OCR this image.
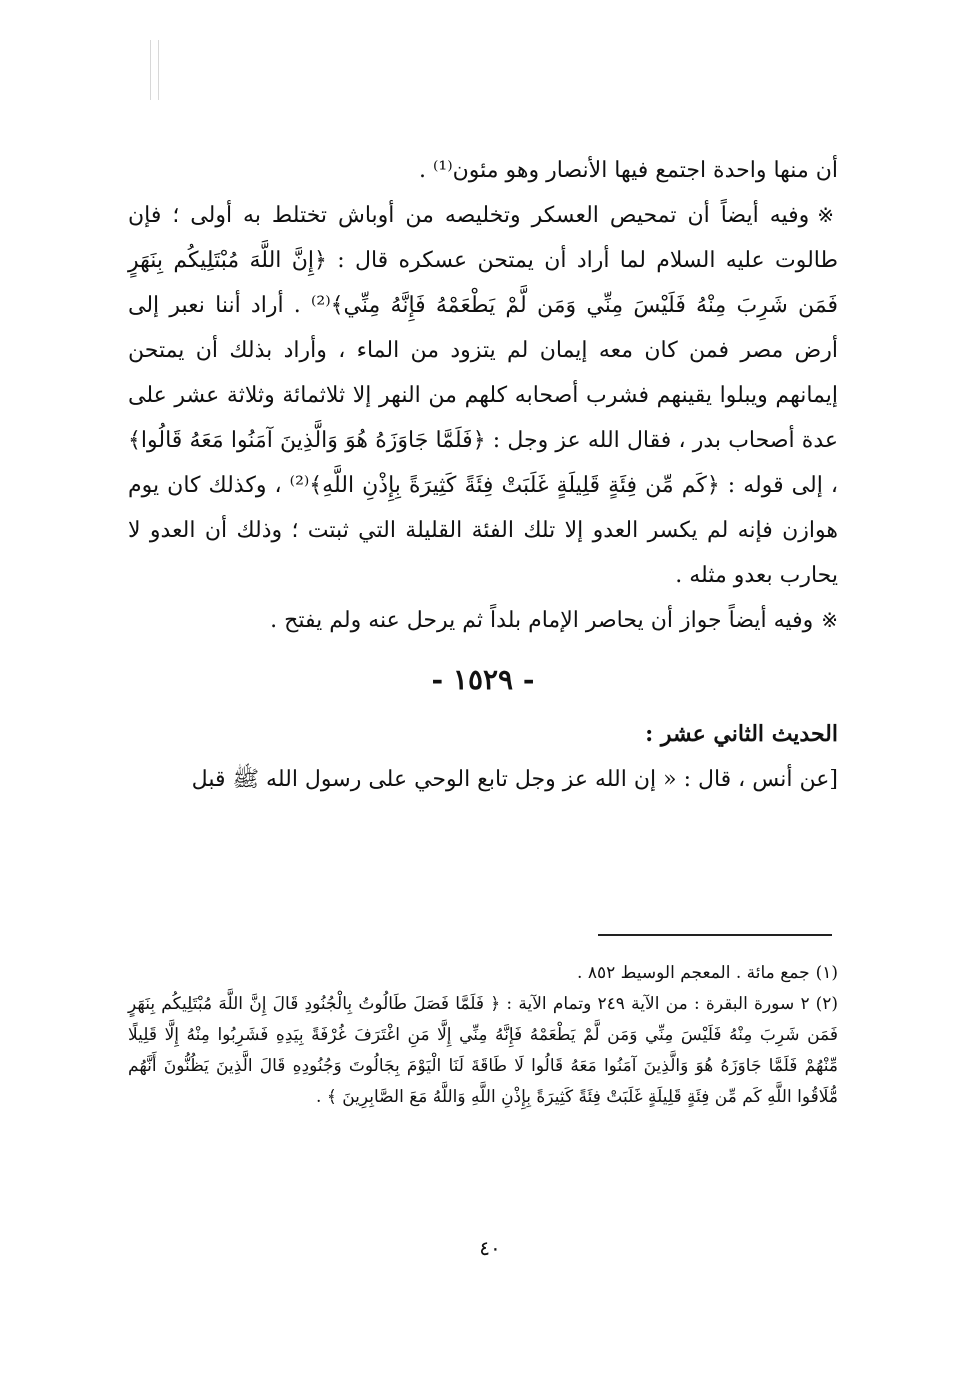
أن منها واحدة اجتمع فيها الأنصار وهو مئون⁽¹⁾ .

※وفيه أيضاً أن تمحيص العسكر وتخليصه من أوباش تختلط به أولى ؛ فإن طالوت عليه السلام لما أراد أن يمتحن عسكره قال : ﴿إِنَّ اللَّهَ مُبْتَلِيكُم بِنَهَرٍ فَمَن شَرِبَ مِنْهُ فَلَيْسَ مِنِّي وَمَن لَّمْ يَطْعَمْهُ فَإِنَّهُ مِنِّي﴾⁽²⁾ . أراد أننا نعبر إلى أرض مصر فمن كان معه إيمان لم يتزود من الماء ، وأراد بذلك أن يمتحن إيمانهم ويبلوا يقينهم فشرب أصحابه كلهم من النهر إلا ثلاثمائة وثلاثة عشر على عدة أصحاب بدر ، فقال الله عز وجل : ﴿فَلَمَّا جَاوَزَهُ هُوَ وَالَّذِينَ آمَنُوا مَعَهُ قَالُوا﴾ ، إلى قوله : ﴿كَم مِّن فِئَةٍ قَلِيلَةٍ غَلَبَتْ فِئَةً كَثِيرَةً بِإِذْنِ اللَّهِ﴾⁽²⁾ ، وكذلك كان يوم هوازن فإنه لم يكسر العدو إلا تلك الفئة القليلة التي ثبتت ؛ وذلك أن العدو لا يحارب بعدو مثله .

※وفيه أيضاً جواز أن يحاصر الإمام بلداً ثم يرحل عنه ولم يفتح .

- ١٥٢٩ -

الحديث الثاني عشر :

[عن أنس ، قال : « إن الله عز وجل تابع الوحي على رسول الله ﷺ قبل

(١)جمع مائة . المعجم الوسيط ٨٥٢ .

(٢)٢ سورة البقرة : من الآية ٢٤٩ وتمام الآية : ﴿ فَلَمَّا فَصَلَ طَالُوتُ بِالْجُنُودِ قَالَ إِنَّ اللَّهَ مُبْتَلِيكُم بِنَهَرٍ فَمَن شَرِبَ مِنْهُ فَلَيْسَ مِنِّي وَمَن لَّمْ يَطْعَمْهُ فَإِنَّهُ مِنِّي إِلَّا مَنِ اغْتَرَفَ غُرْفَةً بِيَدِهِ فَشَرِبُوا مِنْهُ إِلَّا قَلِيلًا مِّنْهُمْ فَلَمَّا جَاوَزَهُ هُوَ وَالَّذِينَ آمَنُوا مَعَهُ قَالُوا لَا طَاقَةَ لَنَا الْيَوْمَ بِجَالُوتَ وَجُنُودِهِ قَالَ الَّذِينَ يَظُنُّونَ أَنَّهُم مُّلَاقُوا اللَّهِ كَم مِّن فِئَةٍ قَلِيلَةٍ غَلَبَتْ فِئَةً كَثِيرَةً بِإِذْنِ اللَّهِ وَاللَّهُ مَعَ الصَّابِرِينَ ﴾ .

٤٠
